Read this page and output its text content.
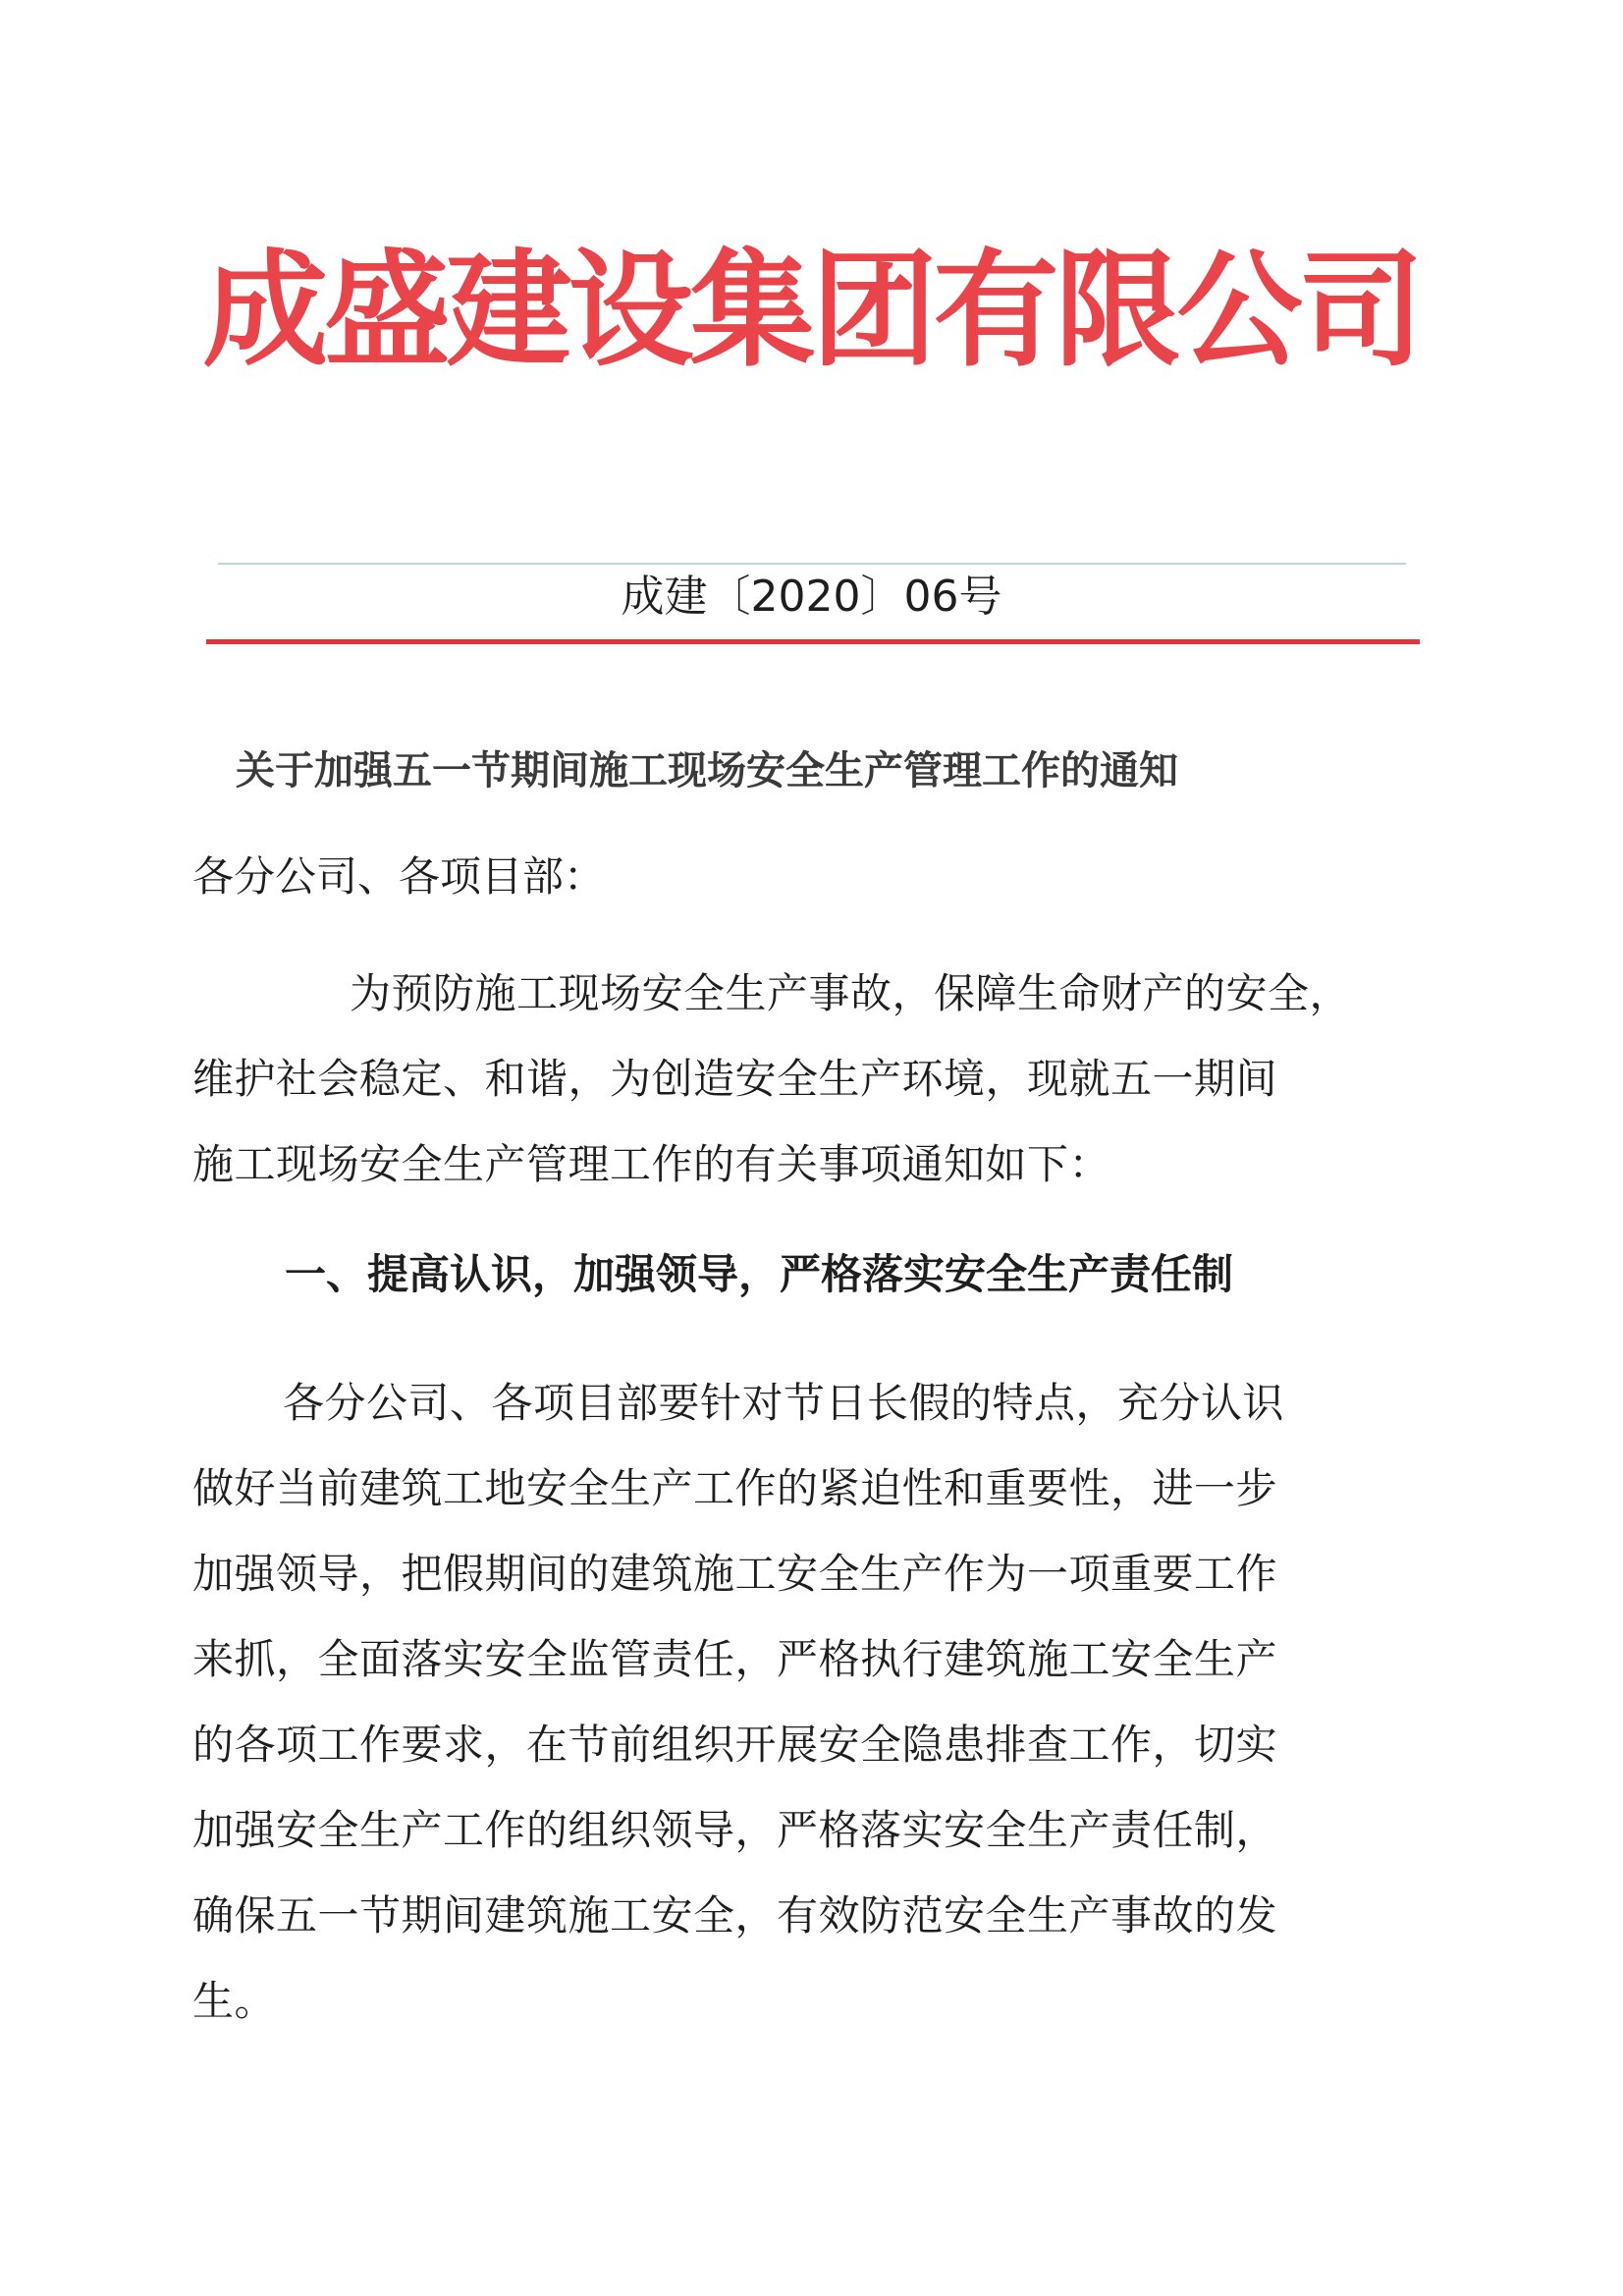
成盛建设集团有限公司
成建〔2020〕06号
关于加强五一节期间施工现场安全生产管理工作的通知
各分公司、各项目部：
为预防施工现场安全生产事故，保障生命财产的安全，
维护社会稳定、和谐，为创造安全生产环境，现就五一期间
施工现场安全生产管理工作的有关事项通知如下：
一、提高认识，加强领导，严格落实安全生产责任制
各分公司、各项目部要针对节日长假的特点，充分认识
做好当前建筑工地安全生产工作的紧迫性和重要性，进一步
加强领导，把假期间的建筑施工安全生产作为一项重要工作
来抓，全面落实安全监管责任，严格执行建筑施工安全生产
的各项工作要求，在节前组织开展安全隐患排查工作，切实
加强安全生产工作的组织领导，严格落实安全生产责任制，
确保五一节期间建筑施工安全，有效防范安全生产事故的发
生。
